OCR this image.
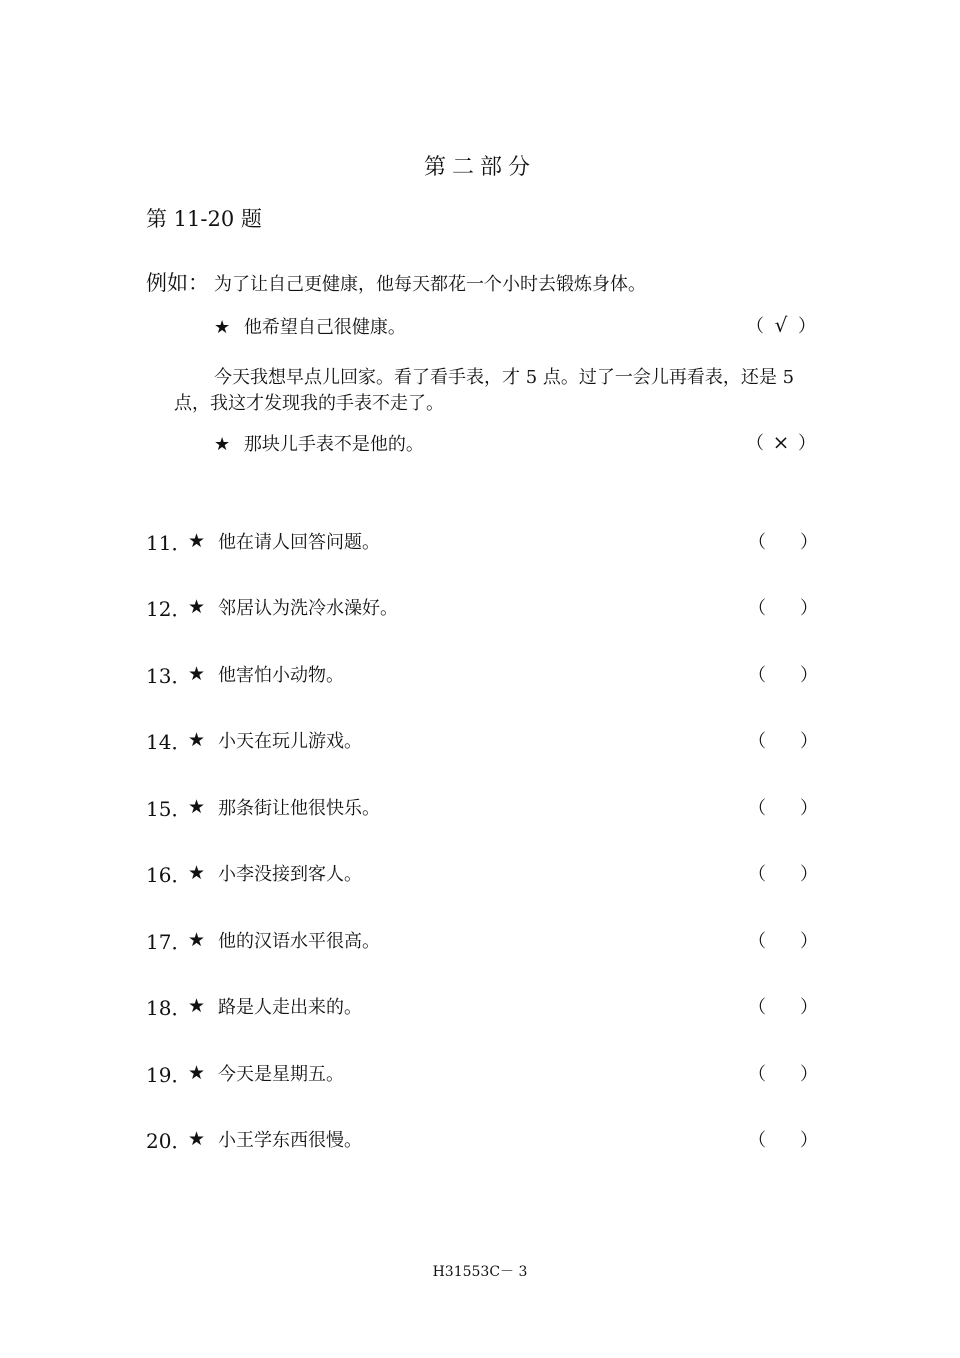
第二部分
第 11-20 题
例如： 为了让自己更健康，他每天都花一个小时去锻炼身体。
★ 他希望自己很健康。	（ √ ）
今天我想早点儿回家。看了看手表，才 5 点。过了一会儿再看表，还是 5 点，我这才发现我的手表不走了。
★ 那块儿手表不是他的。	（ × ）
11．
★ 他在请人回答问题。	（ ）
12．
★ 邻居认为洗冷水澡好。	（ ）
13．
★ 他害怕小动物。	（ ）
14．
★ 小天在玩儿游戏。	（ ）
15．
★ 那条街让他很快乐。	（ ）
16．
★ 小李没接到客人。	（ ）
17．
★ 他的汉语水平很高。	（ ）
18．
★ 路是人走出来的。	（ ）
19．
★ 今天是星期五。	（ ）
20．
★ 小王学东西很慢。	（ ）
H31553C－ 3
